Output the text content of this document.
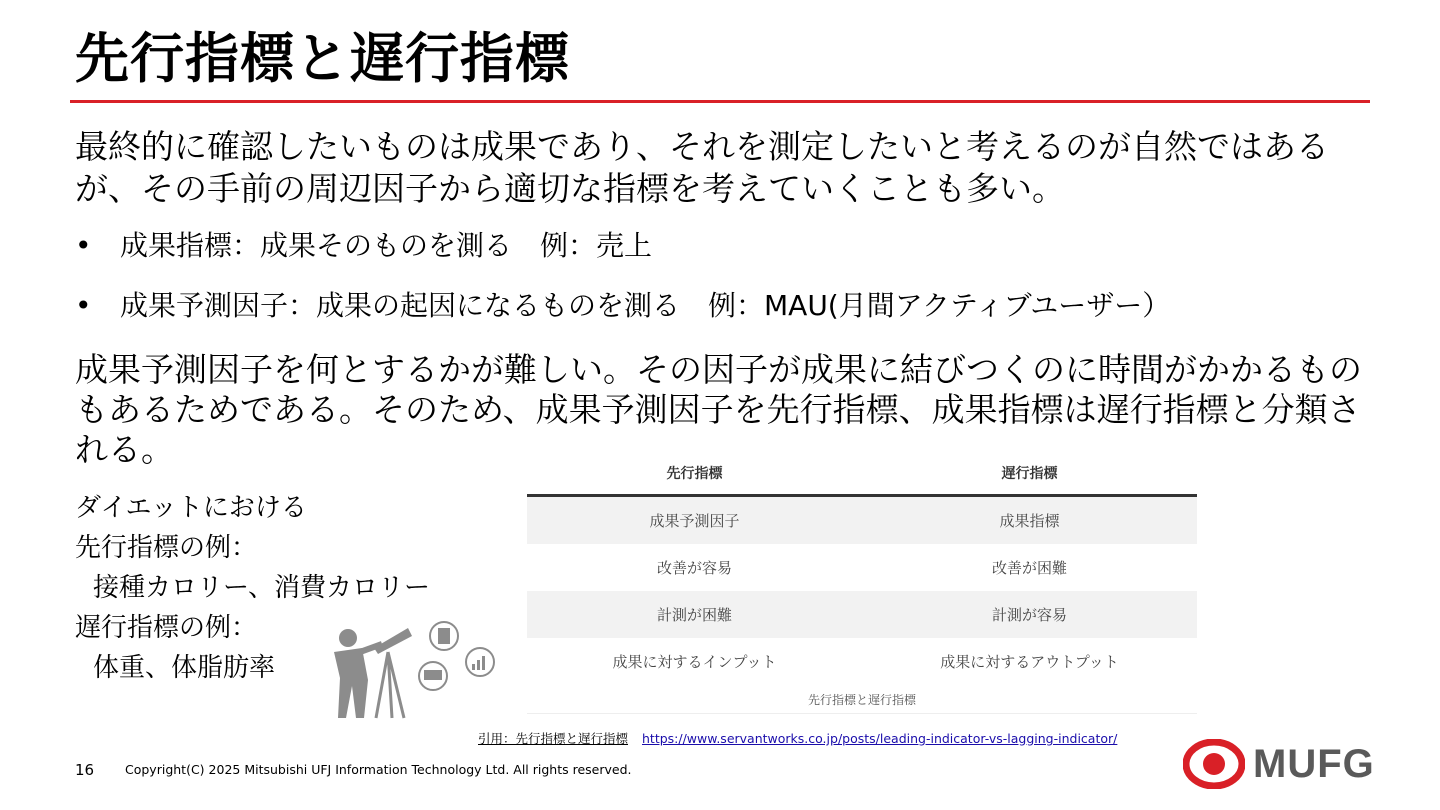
先行指標と遅行指標
最終的に確認したいものは成果であり、それを測定したいと考えるのが自然ではあるが、その手前の周辺因子から適切な指標を考えていくことも多い。
• 成果指標：成果そのものを測る　例：売上
• 成果予測因子：成果の起因になるものを測る　例：MAU(月間アクティブユーザー）
成果予測因子を何とするかが難しい。その因子が成果に結びつくのに時間がかかるものもあるためである。そのため、成果予測因子を先行指標、成果指標は遅行指標と分類される。
ダイエットにおける
先行指標の例：
接種カロリー、消費カロリー
遅行指標の例：
体重、体脂肪率
先行指標	遅行指標
成果予測因子	成果指標
改善が容易	改善が困難
計測が困難	計測が容易
成果に対するインプット	成果に対するアウトプット
先行指標と遅行指標
引用：先行指標と遅行指標 https://www.servantworks.co.jp/posts/leading-indicator-vs-lagging-indicator/
16 Copyright(C) 2025 Mitsubishi UFJ Information Technology Ltd. All rights reserved.	MUFG
